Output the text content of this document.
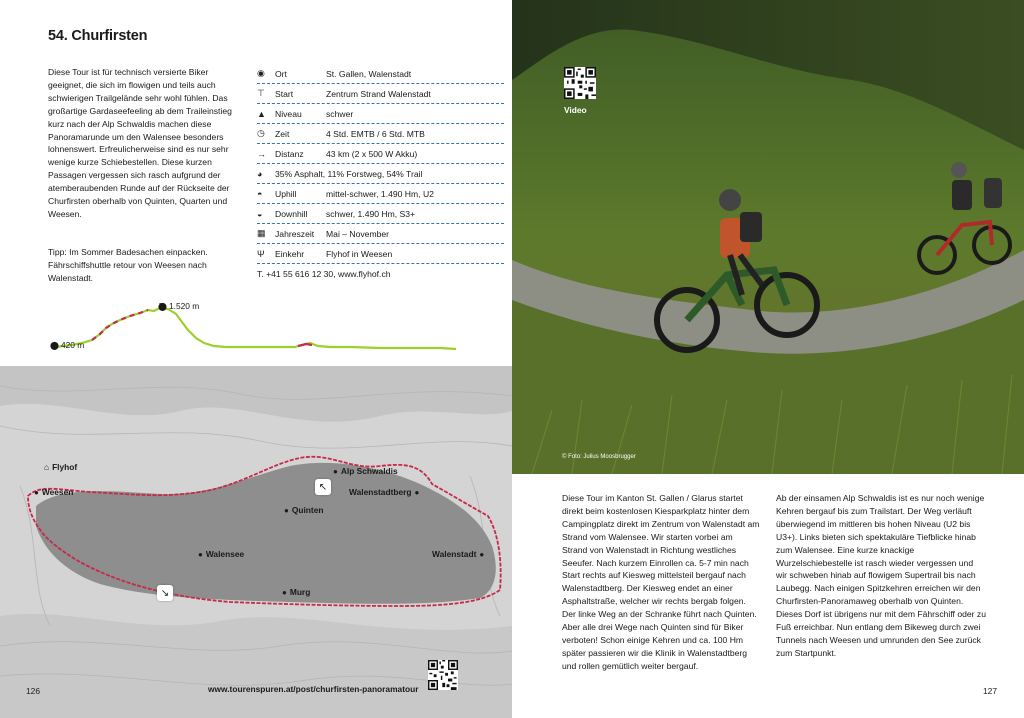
54. Churfirsten

Diese Tour ist für technisch versierte Biker geeignet, die sich im flowigen und teils auch schwierigen Trailgelände sehr wohl fühlen. Das großartige Gardaseefeeling ab dem Traileinstieg kurz nach der Alp Schwaldis machen diese Panoramarunde um den Walensee besonders lohnenswert. Erfreulicherweise sind es nur sehr wenige kurze Schiebestellen. Diese kurzen Passagen vergessen sich rasch aufgrund der atemberaubenden Runde auf der Rückseite der Churfirsten oberhalb von Quinten, Quarten und Weesen.

Tipp: Im Sommer Badesachen einpacken. Fährschiffshuttle retour von Weesen nach Walenstadt.

◉	Ort	St. Gallen, Walenstadt
⊤	Start	Zentrum Strand Walenstadt
▲	Niveau	schwer
◷	Zeit	4 Std. EMTB / 6 Std. MTB
→	Distanz	43 km (2 x 500 W Akku)
◕	35% Asphalt, 11% Forstweg, 54% Trail
◓	Uphill	mittel-schwer, 1.490 Hm, U2
◒	Downhill	schwer, 1.490 Hm, S3+
▦	Jahreszeit	Mai – November
Ψ	Einkehr	Flyhof in Weesen
T. +41 55 616 12 30, www.flyhof.ch
⬤ 1.520 m
⬤ 420 m
⌂ Flyhof
● Weesen
● Alp Schwaldis
Walenstadtberg ●
● Quinten
● Walensee	Walenstadt ●
● Murg
↖
↘
126	www.tourenspuren.at/post/churfirsten-panoramatour
Video
© Foto: Julius Moosbrugger

Diese Tour im Kanton St. Gallen / Glarus startet direkt beim kostenlosen Kiesparkplatz hinter dem Campingplatz direkt im Zentrum von Walenstadt am Strand vom Walensee. Wir starten vorbei am Strand von Walenstadt in Richtung westliches Seeufer. Nach kurzem Einrollen ca. 5-7 min nach Start rechts auf Kiesweg mittelsteil bergauf nach Walenstadtberg. Der Kiesweg endet an einer Asphaltstraße, welcher wir rechts bergab folgen. Der linke Weg an der Schranke führt nach Quinten. Aber alle drei Wege nach Quinten sind für Biker verboten! Schon einige Kehren und ca. 100 Hm später passieren wir die Klinik in Walenstadtberg und rollen gemütlich weiter bergauf.

Ab der einsamen Alp Schwaldis ist es nur noch wenige Kehren bergauf bis zum Trailstart. Der Weg verläuft überwiegend im mittleren bis hohen Niveau (U2 bis U3+). Links bieten sich spektakuläre Tiefblicke hinab zum Walensee. Eine kurze knackige Wurzelschiebestelle ist rasch wieder vergessen und wir schweben hinab auf flowigem Supertrail bis nach Laubegg. Nach einigen Spitzkehren erreichen wir den Churfirsten-Panoramaweg oberhalb von Quinten. Dieses Dorf ist übrigens nur mit dem Fährschiff oder zu Fuß erreichbar. Nun entlang dem Bikeweg durch zwei Tunnels nach Weesen und umrunden den See zurück zum Startpunkt.

127
